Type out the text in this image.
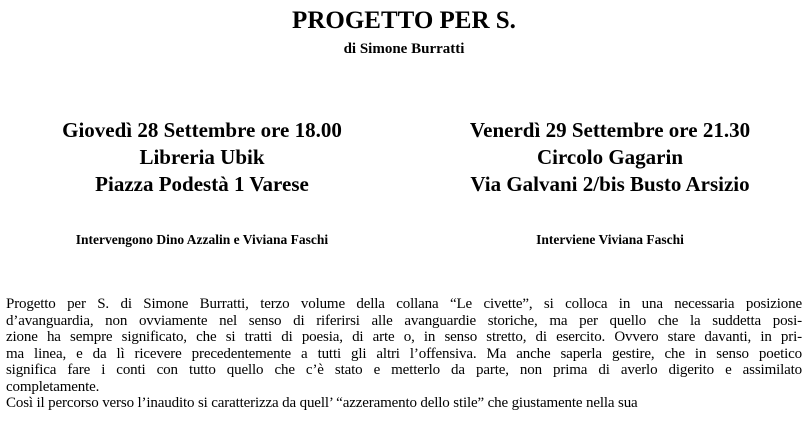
PROGETTO PER S.
di Simone Burratti
Giovedì 28 Settembre ore 18.00
Libreria Ubik
Piazza Podestà 1 Varese
Venerdì 29 Settembre ore 21.30
Circolo Gagarin
Via Galvani 2/bis Busto Arsizio
Intervengono Dino Azzalin e Viviana Faschi	Interviene Viviana Faschi
Progetto per S. di Simone Burratti, terzo volume della collana “Le civette”, si colloca in una necessaria posizione
d’avanguardia, non ovviamente nel senso di riferirsi alle avanguardie storiche, ma per quello che la suddetta posi-
zione ha sempre significato, che si tratti di poesia, di arte o, in senso stretto, di esercito. Ovvero stare davanti, in pri-
ma linea, e da lì ricevere precedentemente a tutti gli altri l’offensiva. Ma anche saperla gestire, che in senso poetico
significa fare i conti con tutto quello che c’è stato e metterlo da parte, non prima di averlo digerito e assimilato
completamente.
Così il percorso verso l’inaudito si caratterizza da quell’ “azzeramento dello stile” che giustamente nella sua
